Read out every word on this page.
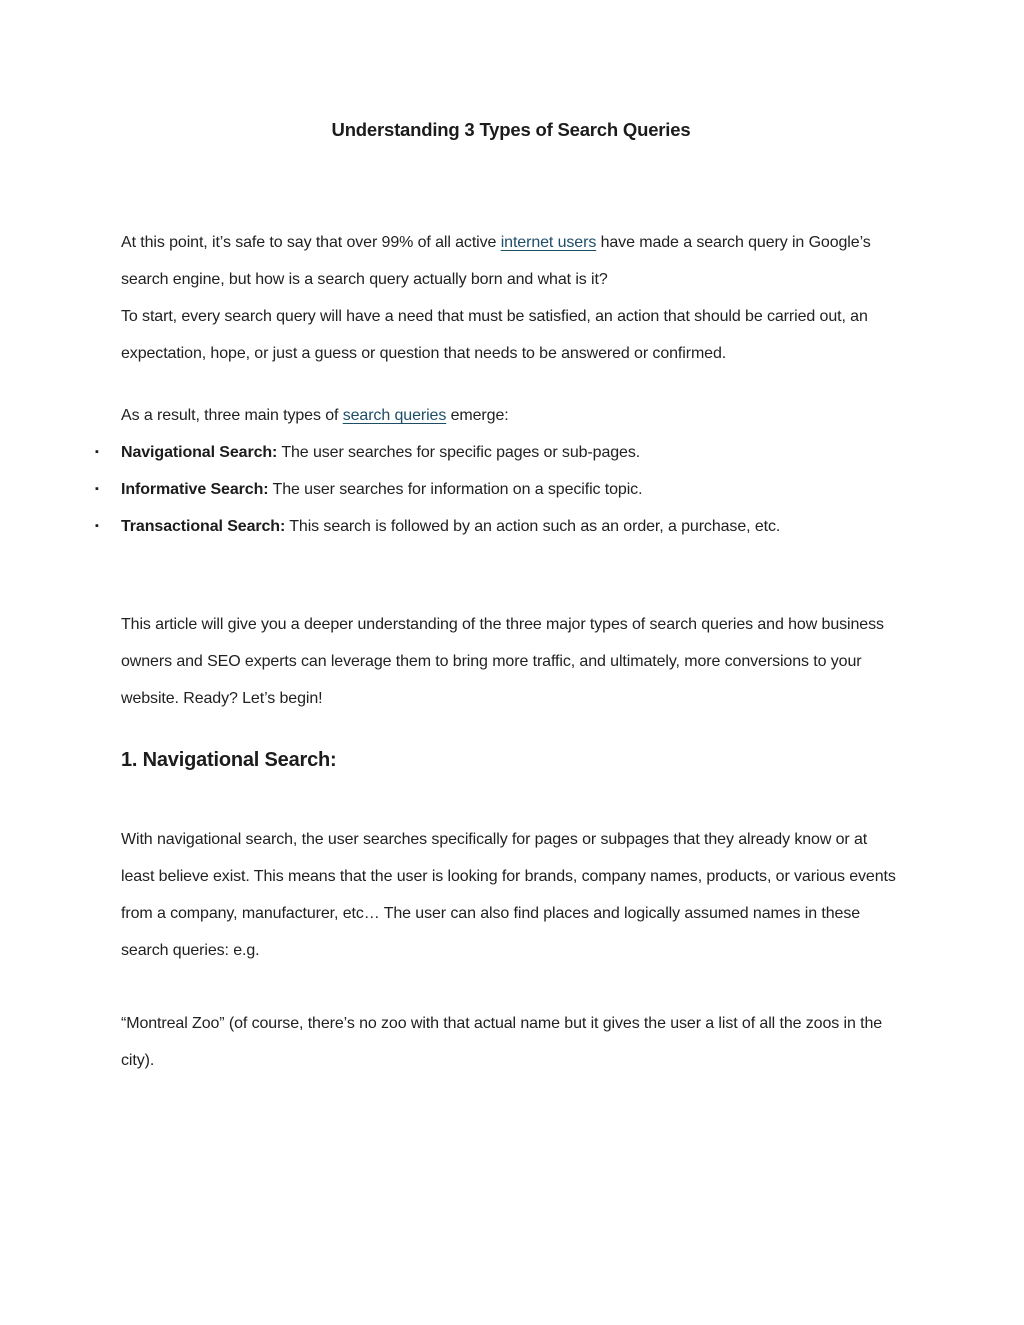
Understanding 3 Types of Search Queries

At this point, it’s safe to say that over 99% of all active internet users have made a search query in Google’s search engine, but how is a search query actually born and what is it?

To start, every search query will have a need that must be satisfied, an action that should be carried out, an expectation, hope, or just a guess or question that needs to be answered or confirmed.

As a result, three main types of search queries emerge:

▪ Navigational Search: The user searches for specific pages or sub-pages.
▪ Informative Search: The user searches for information on a specific topic.
▪ Transactional Search: This search is followed by an action such as an order, a purchase, etc.

This article will give you a deeper understanding of the three major types of search queries and how business owners and SEO experts can leverage them to bring more traffic, and ultimately, more conversions to your website. Ready? Let’s begin!

1. Navigational Search:

With navigational search, the user searches specifically for pages or subpages that they already know or at least believe exist. This means that the user is looking for brands, company names, products, or various events from a company, manufacturer, etc… The user can also find places and logically assumed names in these search queries: e.g.

“Montreal Zoo” (of course, there’s no zoo with that actual name but it gives the user a list of all the zoos in the city).
